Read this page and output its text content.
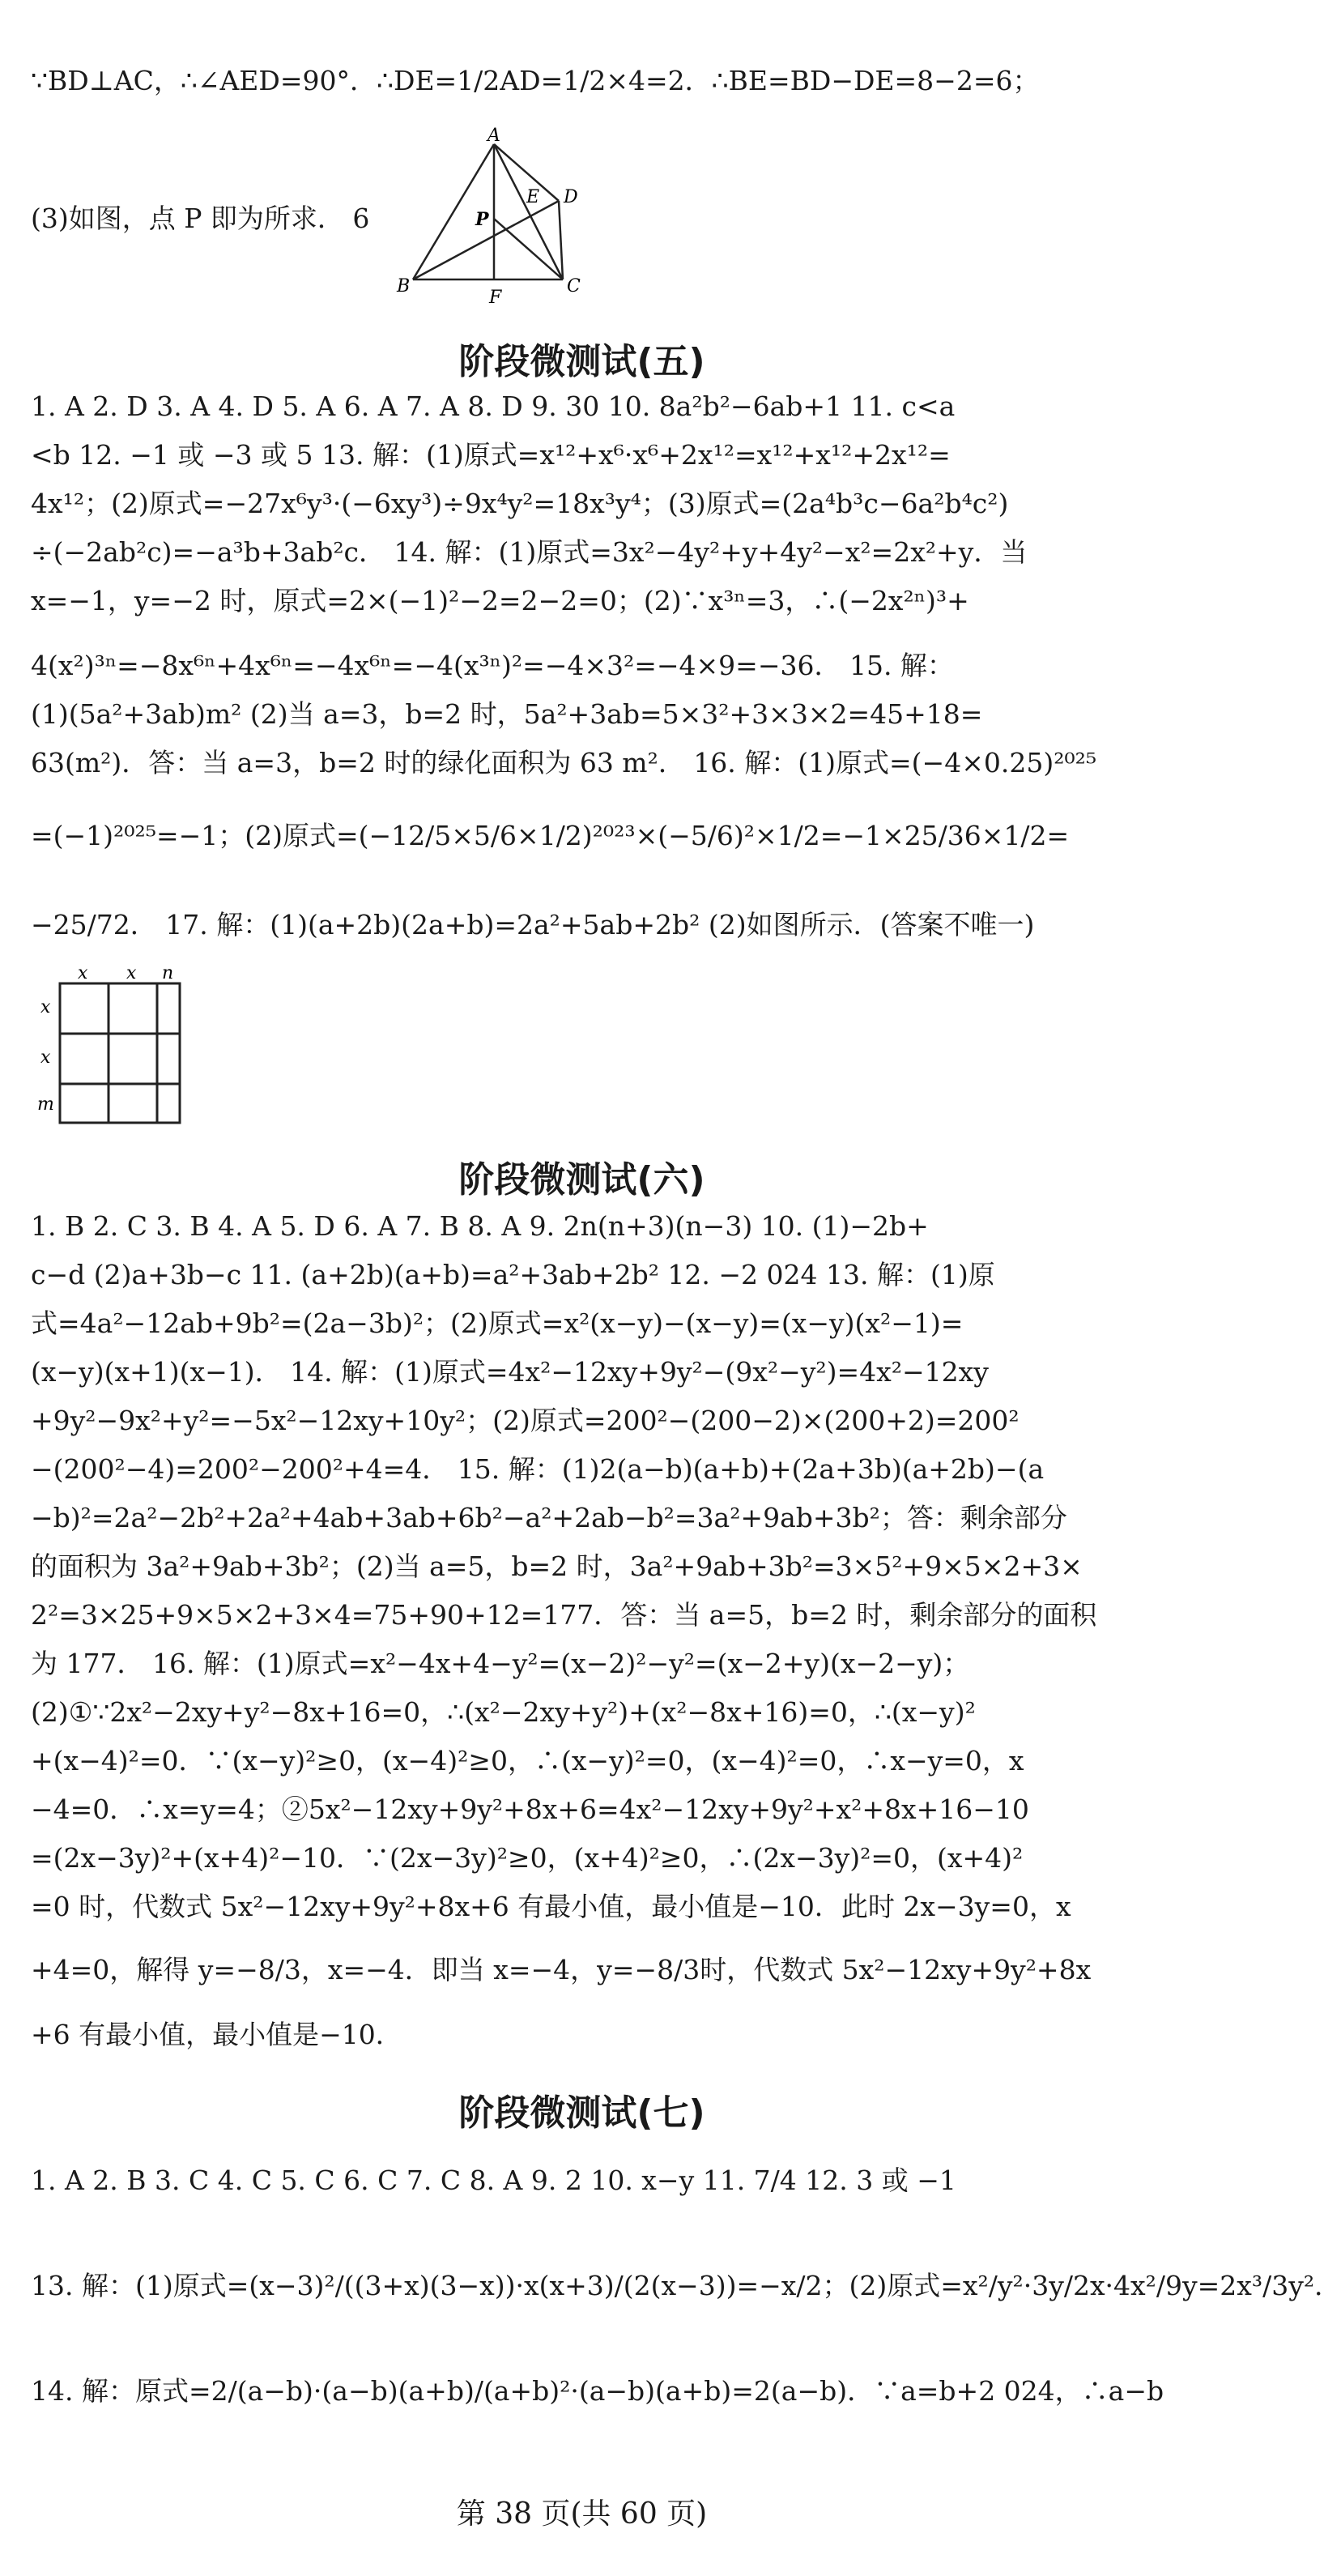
∵BD⊥AC，∴∠AED=90°．∴DE=1/2AD=1/2×4=2．∴BE=BD−DE=8−2=6；
(3)如图，点 P 即为所求． 6
A
B	C
D
E
F
P
阶段微测试(五)
1. A 2. D 3. A 4. D 5. A 6. A 7. A 8. D 9. 30 10. 8a²b²−6ab+1 11. c<a
<b 12. −1 或 −3 或 5 13. 解：(1)原式=x¹²+x⁶·x⁶+2x¹²=x¹²+x¹²+2x¹²=
4x¹²；(2)原式=−27x⁶y³·(−6xy³)÷9x⁴y²=18x³y⁴；(3)原式=(2a⁴b³c−6a²b⁴c²)
÷(−2ab²c)=−a³b+3ab²c． 14. 解：(1)原式=3x²−4y²+y+4y²−x²=2x²+y．当
x=−1，y=−2 时，原式=2×(−1)²−2=2−2=0；(2)∵x³ⁿ=3，∴(−2x²ⁿ)³+
4(x²)³ⁿ=−8x⁶ⁿ+4x⁶ⁿ=−4x⁶ⁿ=−4(x³ⁿ)²=−4×3²=−4×9=−36． 15. 解：
(1)(5a²+3ab)m² (2)当 a=3，b=2 时，5a²+3ab=5×3²+3×3×2=45+18=
63(m²)．答：当 a=3，b=2 时的绿化面积为 63 m²． 16. 解：(1)原式=(−4×0.25)²⁰²⁵
=(−1)²⁰²⁵=−1；(2)原式=(−12/5×5/6×1/2)²⁰²³×(−5/6)²×1/2=−1×25/36×1/2=
−25/72． 17. 解：(1)(a+2b)(2a+b)=2a²+5ab+2b² (2)如图所示．(答案不唯一)
x x n
x
x
m
阶段微测试(六)
1. B 2. C 3. B 4. A 5. D 6. A 7. B 8. A 9. 2n(n+3)(n−3) 10. (1)−2b+
c−d (2)a+3b−c 11. (a+2b)(a+b)=a²+3ab+2b² 12. −2 024 13. 解：(1)原
式=4a²−12ab+9b²=(2a−3b)²；(2)原式=x²(x−y)−(x−y)=(x−y)(x²−1)=
(x−y)(x+1)(x−1)． 14. 解：(1)原式=4x²−12xy+9y²−(9x²−y²)=4x²−12xy
+9y²−9x²+y²=−5x²−12xy+10y²；(2)原式=200²−(200−2)×(200+2)=200²
−(200²−4)=200²−200²+4=4． 15. 解：(1)2(a−b)(a+b)+(2a+3b)(a+2b)−(a
−b)²=2a²−2b²+2a²+4ab+3ab+6b²−a²+2ab−b²=3a²+9ab+3b²；答：剩余部分
的面积为 3a²+9ab+3b²；(2)当 a=5，b=2 时，3a²+9ab+3b²=3×5²+9×5×2+3×
2²=3×25+9×5×2+3×4=75+90+12=177．答：当 a=5，b=2 时，剩余部分的面积
为 177． 16. 解：(1)原式=x²−4x+4−y²=(x−2)²−y²=(x−2+y)(x−2−y)；
(2)①∵2x²−2xy+y²−8x+16=0，∴(x²−2xy+y²)+(x²−8x+16)=0，∴(x−y)²
+(x−4)²=0．∵(x−y)²≥0，(x−4)²≥0，∴(x−y)²=0，(x−4)²=0，∴x−y=0，x
−4=0．∴x=y=4；②5x²−12xy+9y²+8x+6=4x²−12xy+9y²+x²+8x+16−10
=(2x−3y)²+(x+4)²−10．∵(2x−3y)²≥0，(x+4)²≥0，∴(2x−3y)²=0，(x+4)²
=0 时，代数式 5x²−12xy+9y²+8x+6 有最小值，最小值是−10．此时 2x−3y=0，x
+4=0，解得 y=−8/3，x=−4．即当 x=−4，y=−8/3时，代数式 5x²−12xy+9y²+8x
+6 有最小值，最小值是−10．
阶段微测试(七)
1. A 2. B 3. C 4. C 5. C 6. C 7. C 8. A 9. 2 10. x−y 11. 7/4 12. 3 或 −1
13. 解：(1)原式=(x−3)²/((3+x)(3−x))·x(x+3)/(2(x−3))=−x/2；(2)原式=x²/y²·3y/2x·4x²/9y=2x³/3y²．
14. 解：原式=2/(a−b)·(a−b)(a+b)/(a+b)²·(a−b)(a+b)=2(a−b)．∵a=b+2 024，∴a−b
第 38 页(共 60 页)
